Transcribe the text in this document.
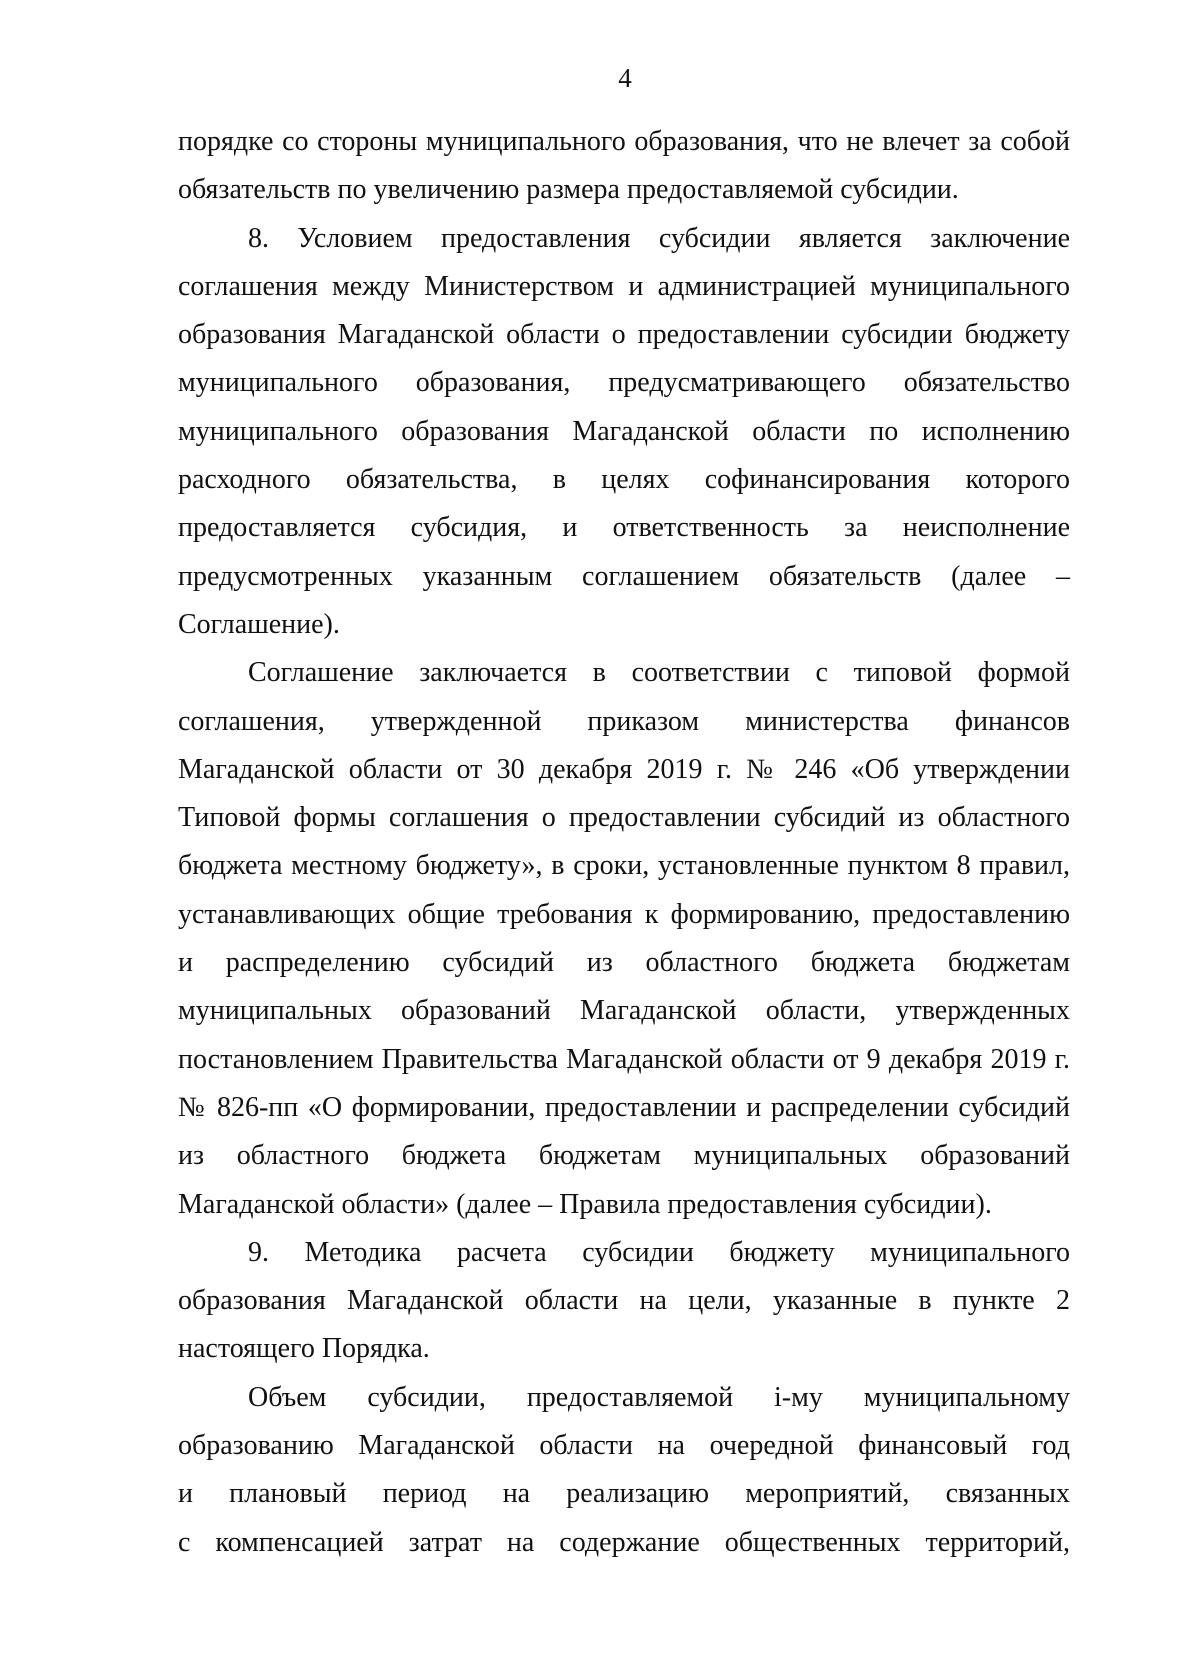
4
порядке со стороны муниципального образования, что не влечет за собой
обязательств по увеличению размера предоставляемой субсидии.
8. Условием предоставления субсидии является заключение
соглашения между Министерством и администрацией муниципального
образования Магаданской области о предоставлении субсидии бюджету
муниципального образования, предусматривающего обязательство
муниципального образования Магаданской области по исполнению
расходного обязательства, в целях софинансирования которого
предоставляется субсидия, и ответственность за неисполнение
предусмотренных указанным соглашением обязательств (далее –
Соглашение).
Соглашение заключается в соответствии с типовой формой
соглашения, утвержденной приказом министерства финансов
Магаданской области от 30 декабря 2019 г. № 246 «Об утверждении
Типовой формы соглашения о предоставлении субсидий из областного
бюджета местному бюджету», в сроки, установленные пунктом 8 правил,
устанавливающих общие требования к формированию, предоставлению
и распределению субсидий из областного бюджета бюджетам
муниципальных образований Магаданской области, утвержденных
постановлением Правительства Магаданской области от 9 декабря 2019 г.
№ 826-пп «О формировании, предоставлении и распределении субсидий
из областного бюджета бюджетам муниципальных образований
Магаданской области» (далее – Правила предоставления субсидии).
9. Методика расчета субсидии бюджету муниципального
образования Магаданской области на цели, указанные в пункте 2
настоящего Порядка.
Объем субсидии, предоставляемой i-му муниципальному
образованию Магаданской области на очередной финансовый год
и плановый период на реализацию мероприятий, связанных
с компенсацией затрат на содержание общественных территорий,
